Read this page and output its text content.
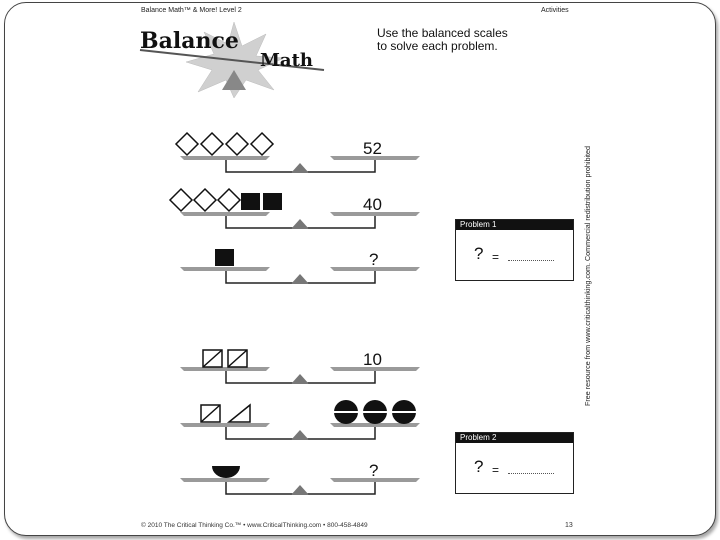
Balance Math™ & More! Level 2	Activities
Balance
Math
Use the balanced scales
to solve each problem.
52
40
?
10
?
Problem 1
? =
Problem 2
? =
Free resource from www.criticalthinking.com. Commercial redistribution prohibited
© 2010 The Critical Thinking Co.™ • www.CriticalThinking.com • 800-458-4849	13
